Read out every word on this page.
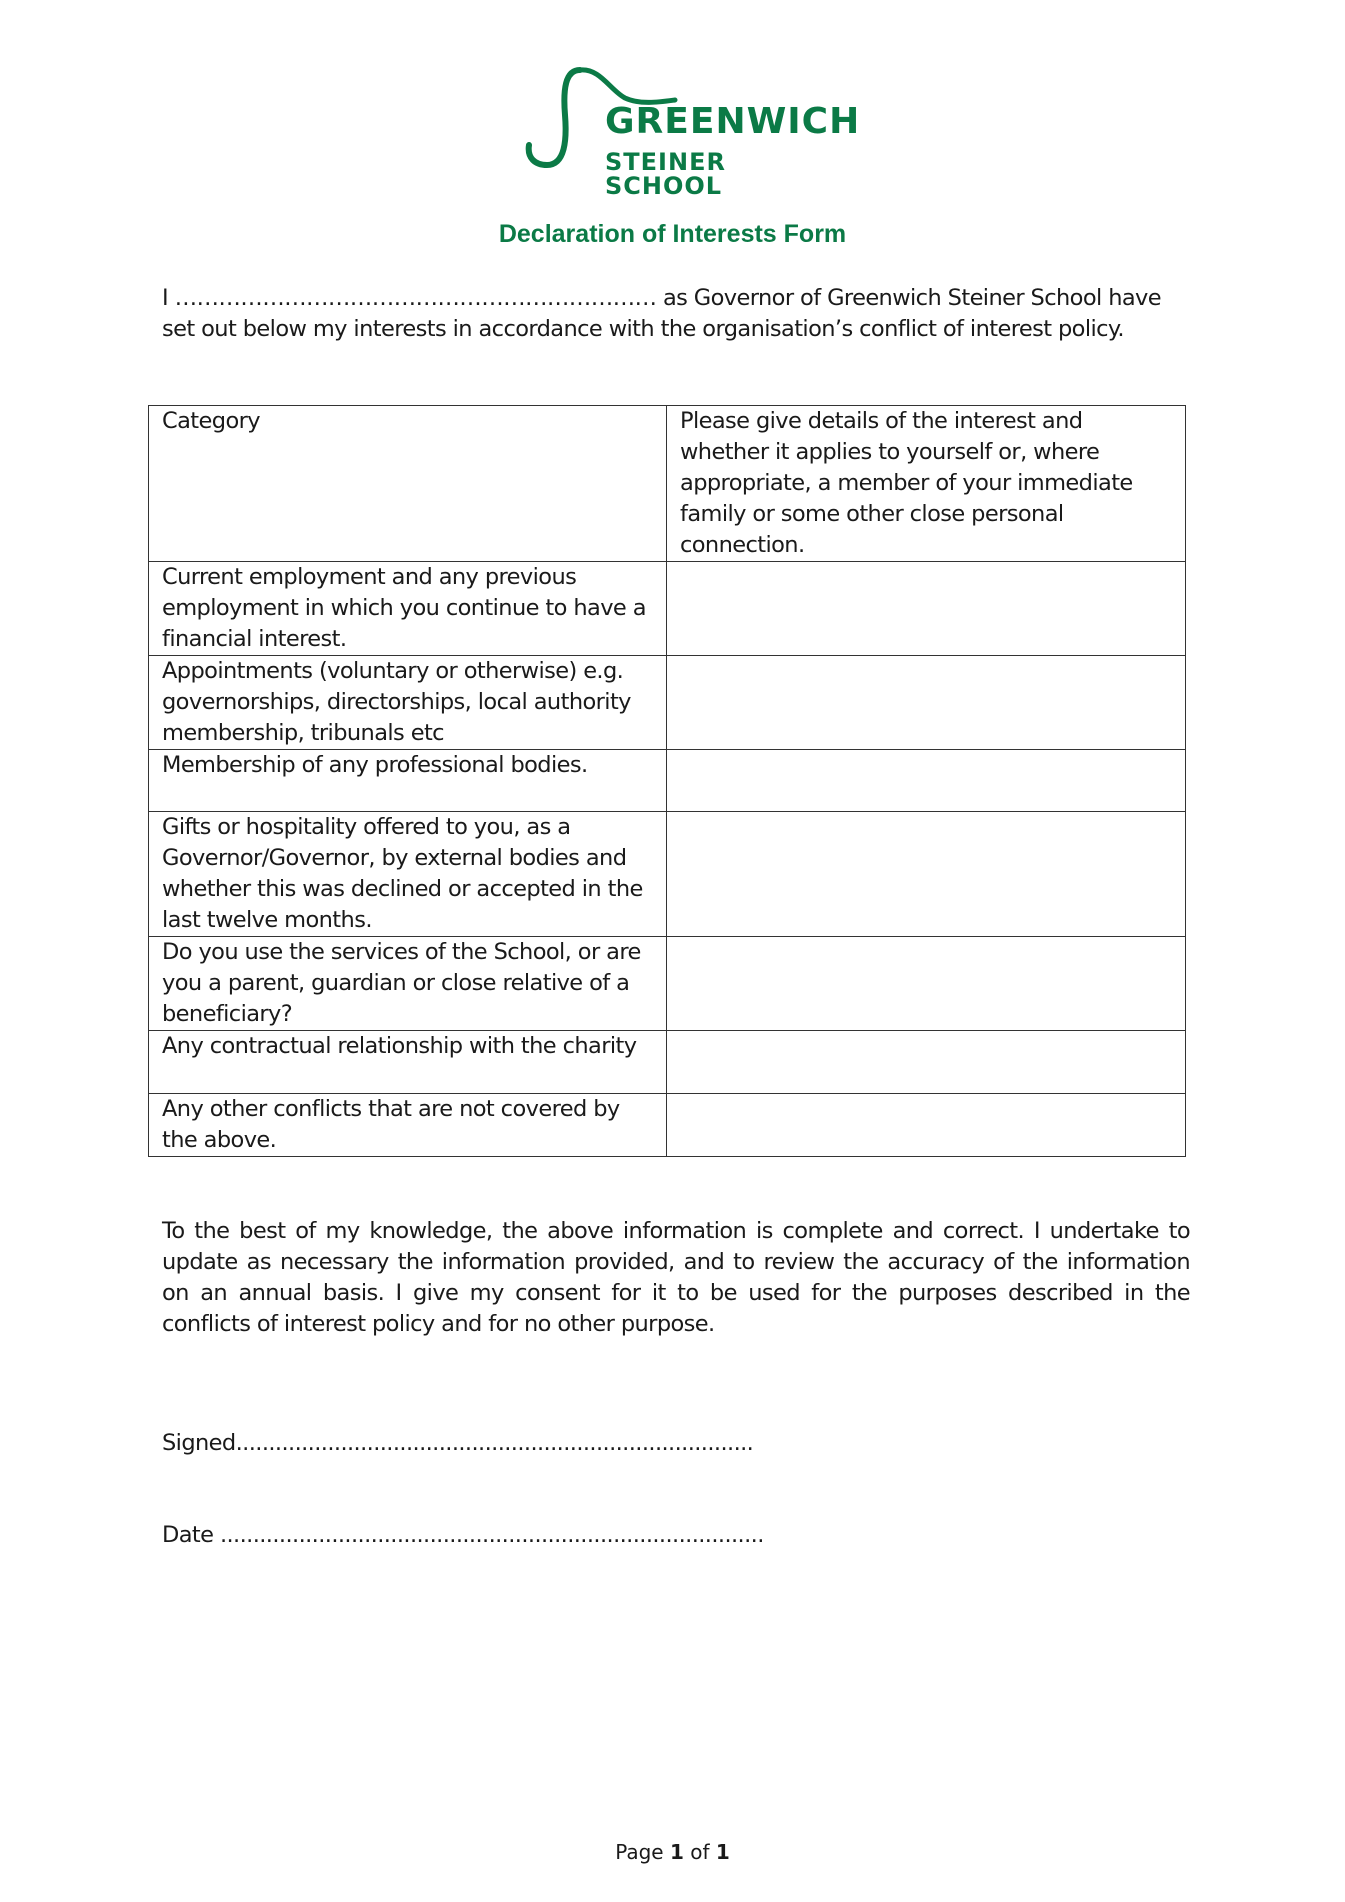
GREENWICH
STEINER SCHOOL
Declaration of Interests Form
I ………………………………………………………… as Governor of Greenwich Steiner School have set out below my interests in accordance with the organisation’s conflict of interest policy.
Category	Please give details of the interest and whether it applies to yourself or, where appropriate, a member of your immediate family or some other close personal connection.
Current employment and any previous employment in which you continue to have a financial interest.	
Appointments (voluntary or otherwise) e.g. governorships, directorships, local authority membership, tribunals etc	
Membership of any professional bodies.	
Gifts or hospitality offered to you, as a Governor/Governor, by external bodies and whether this was declined or accepted in the last twelve months.	
Do you use the services of the School, or are you a parent, guardian or close relative of a beneficiary?	
Any contractual relationship with the charity	
Any other conflicts that are not covered by the above.	
To the best of my knowledge, the above information is complete and correct. I undertake to update as necessary the information provided, and to review the accuracy of the information on an annual basis. I give my consent for it to be used for the purposes described in the conflicts of interest policy and for no other purpose.
Signed...............................................................................
Date ...................................................................................
Page 1 of 1
